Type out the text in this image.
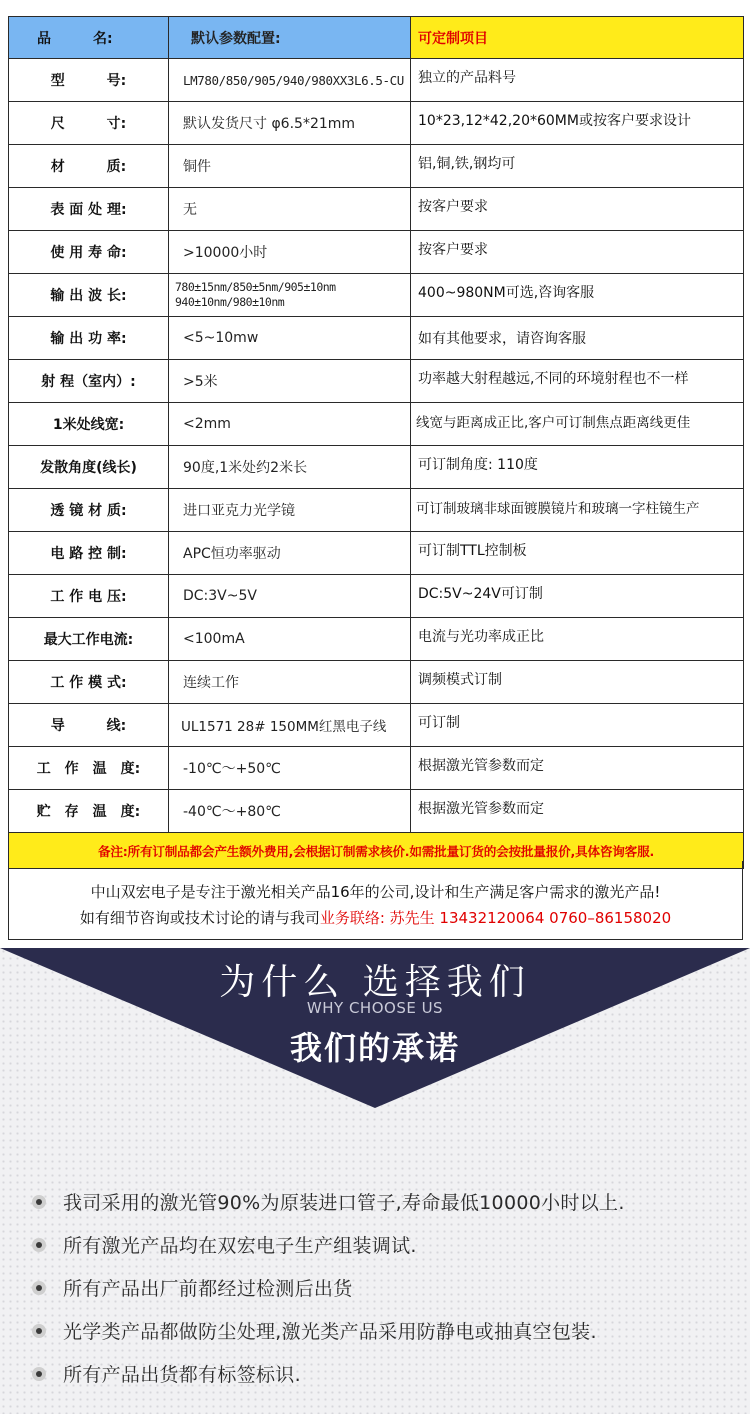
品　　　名:	默认参数配置:	可定制项目
型　　　号:	LM780/850/905/940/980XX3L6.5-CU	独立的产品料号
尺　　　寸:	默认发货尺寸 φ6.5*21mm	10*23,12*42,20*60MM或按客户要求设计
材　　　质:	铜件	铝,铜,铁,钢均可
表 面 处 理:	无	按客户要求
使 用 寿 命:	>10000小时	按客户要求
输 出 波 长:	780±15nm/850±5nm/905±10nm 940±10nm/980±10nm	400~980NM可选,咨询客服
输 出 功 率:	<5~10mw	如有其他要求，请咨询客服
射 程（室内）:	>5米	功率越大射程越远,不同的环境射程也不一样
1米处线宽:	<2mm	线宽与距离成正比,客户可订制焦点距离线更佳
发散角度(线长)	90度,1米处约2米长	可订制角度: 110度
透 镜 材 质:	进口亚克力光学镜	可订制玻璃非球面镀膜镜片和玻璃一字柱镜生产
电 路 控 制:	APC恒功率驱动	可订制TTL控制板
工 作 电 压:	DC:3V~5V	DC:5V~24V可订制
最大工作电流:	<100mA	电流与光功率成正比
工 作 模 式:	连续工作	调频模式订制
导　　　线:	UL1571 28# 150MM红黑电子线	可订制
工　作　温　度:	-10℃～+50℃	根据激光管参数而定
贮　存　温　度:	-40℃～+80℃	根据激光管参数而定
备注:所有订制品都会产生额外费用,会根据订制需求核价.如需批量订货的会按批量报价,具体咨询客服.		
中山双宏电子是专注于激光相关产品16年的公司,设计和生产满足客户需求的激光产品!
如有细节咨询或技术讨论的请与我司业务联络: 苏先生 13432120064 0760–86158020
为什么 选择我们
WHY CHOOSE US
我们的承诺
我司采用的激光管90%为原装进口管子,寿命最低10000小时以上.
所有激光产品均在双宏电子生产组装调试.
所有产品出厂前都经过检测后出货
光学类产品都做防尘处理,激光类产品采用防静电或抽真空包装.
所有产品出货都有标签标识.
